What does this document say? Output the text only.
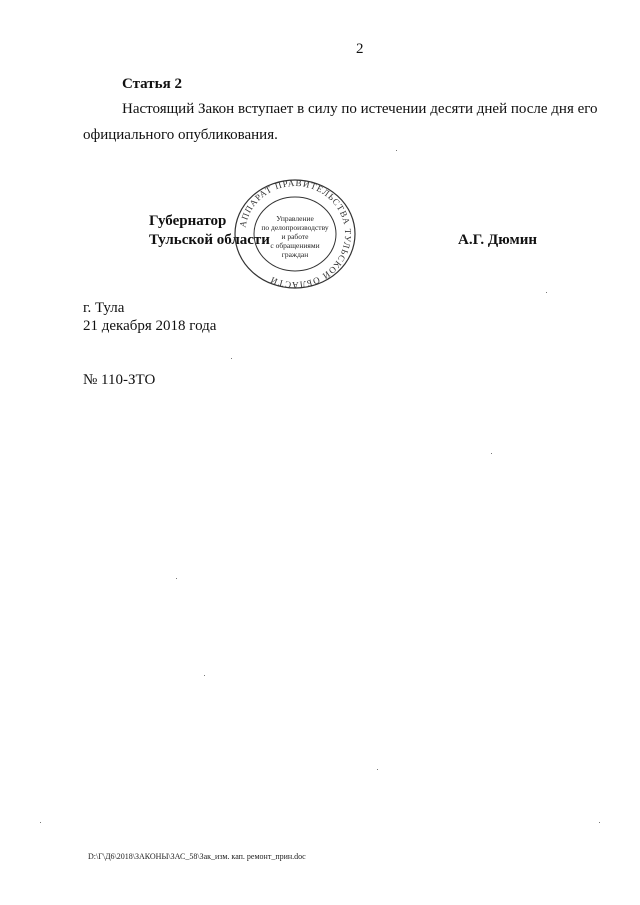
2
Статья 2
Настоящий Закон вступает в силу по истечении десяти дней после дня его
официального опубликования.
Губернатор
Тульской области	А.Г. Дюмин
АППАРАТ ПРАВИТЕЛЬСТВА ТУЛЬСКОЙ ОБЛАСТИ
Управление
по делопроизводству
и работе
с обращениями
граждан
г. Тула
21 декабря 2018 года
№ 110-ЗТО
D:\Г\Д6\2018\ЗАКОНЫ\ЗАС_58\Зак_изм. кап. ремонт_прин.doc
